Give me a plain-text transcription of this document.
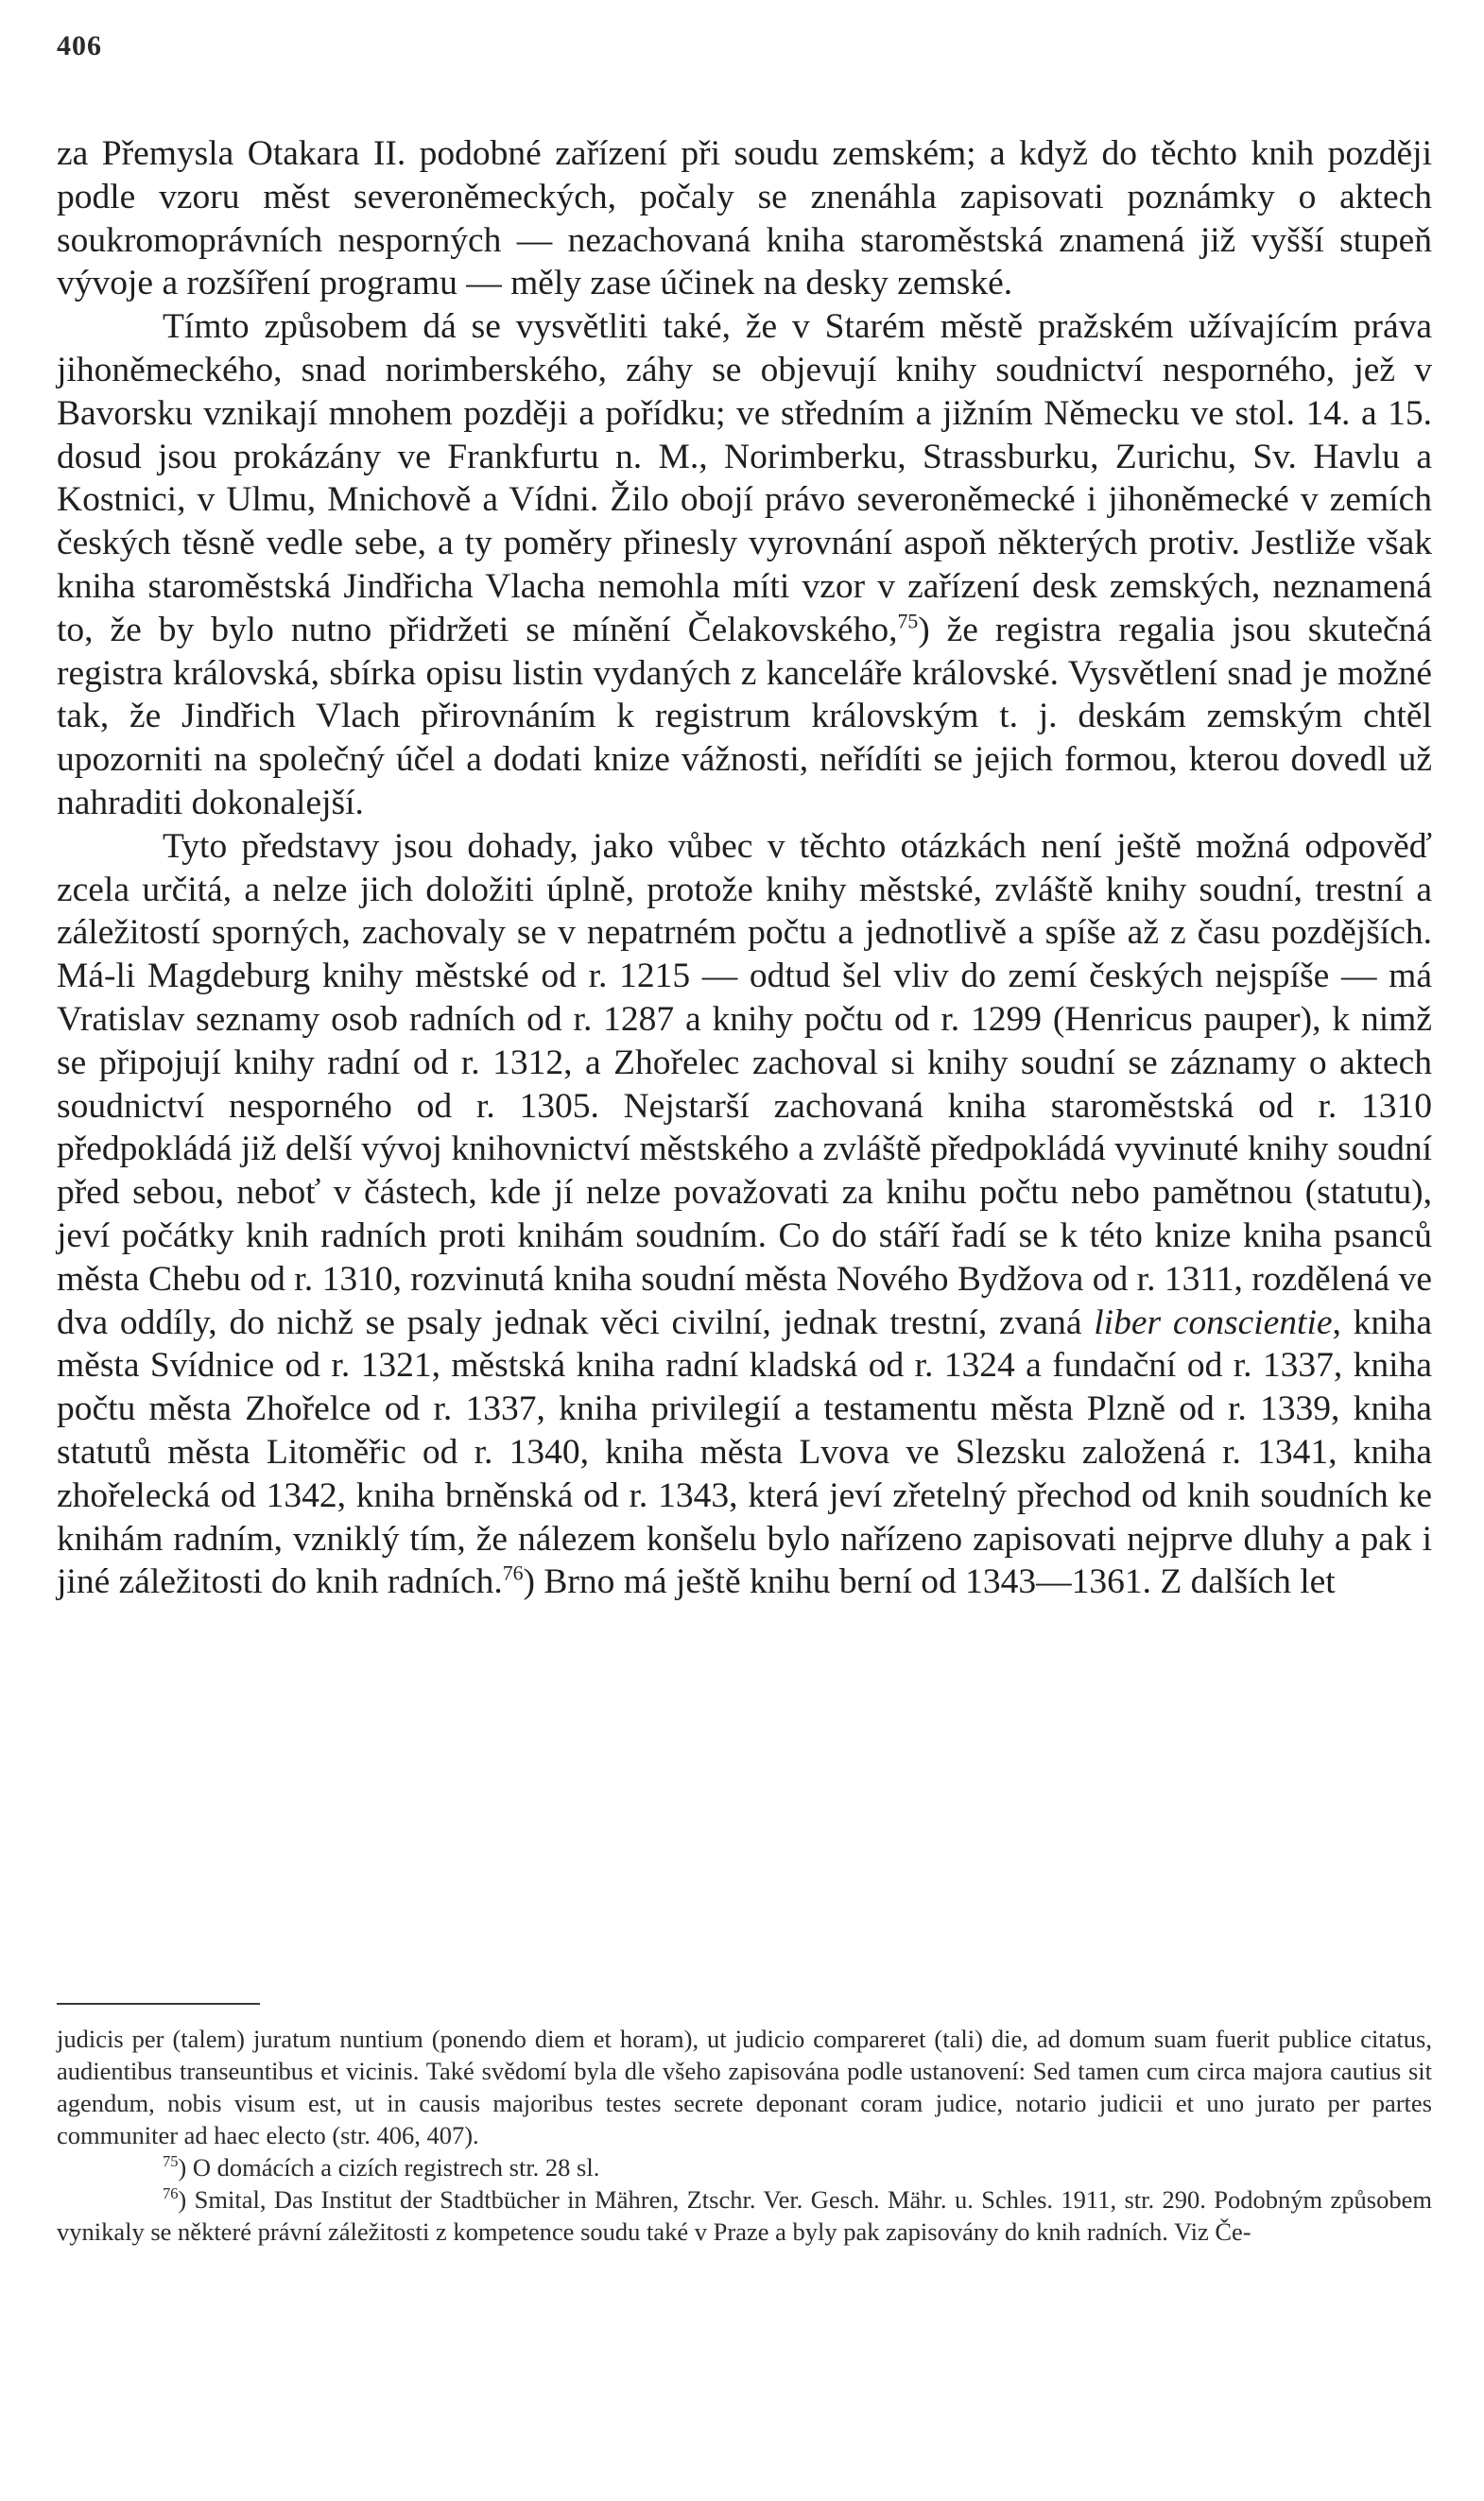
406

za Přemysla Otakara II. podobné zařízení při soudu zemském; a když do těchto knih později podle vzoru měst severoněmeckých, počaly se znenáhla zapisovati poznámky o aktech soukromoprávních nesporných — nezachovaná kniha staroměstská znamená již vyšší stupeň vývoje a rozšíření programu — měly zase účinek na desky zemské.

Tímto způsobem dá se vysvětliti také, že v Starém městě pražském užívajícím práva jihoněmeckého, snad norimberského, záhy se objevují knihy soudnictví nesporného, jež v Bavorsku vznikají mnohem později a pořídku; ve středním a jižním Německu ve stol. 14. a 15. dosud jsou prokázány ve Frankfurtu n. M., Norimberku, Strassburku, Zurichu, Sv. Havlu a Kostnici, v Ulmu, Mnichově a Vídni. Žilo obojí právo severoněmecké i jihoněmecké v zemích českých těsně vedle sebe, a ty poměry přinesly vyrovnání aspoň některých protiv. Jestliže však kniha staroměstská Jindřicha Vlacha nemohla míti vzor v zařízení desk zemských, neznamená to, že by bylo nutno přidržeti se mínění Čelakovského,$^{75}$) že registra regalia jsou skutečná registra královská, sbírka opisu listin vydaných z kanceláře královské. Vysvětlení snad je možné tak, že Jindřich Vlach přirovnáním k registrum královským t. j. deskám zemským chtěl upozorniti na společný účel a dodati knize vážnosti, neřídíti se jejich formou, kterou dovedl už nahraditi dokonalejší.

Tyto představy jsou dohady, jako vůbec v těchto otázkách není ještě možná odpověď zcela určitá, a nelze jich doložiti úplně, protože knihy městské, zvláště knihy soudní, trestní a záležitostí sporných, zachovaly se v nepatrném počtu a jednotlivě a spíše až z času pozdějších. Má-li Magdeburg knihy městské od r. 1215 — odtud šel vliv do zemí českých nejspíše — má Vratislav seznamy osob radních od r. 1287 a knihy počtu od r. 1299 (Henricus pauper), k nimž se připojují knihy radní od r. 1312, a Zhořelec zachoval si knihy soudní se záznamy o aktech soudnictví nesporného od r. 1305. Nejstarší zachovaná kniha staroměstská od r. 1310 předpokládá již delší vývoj knihovnictví městského a zvláště předpokládá vyvinuté knihy soudní před sebou, neboť v částech, kde jí nelze považovati za knihu počtu nebo pamětnou (statutu), jeví počátky knih radních proti knihám soudním. Co do stáří řadí se k této knize kniha psanců města Chebu od r. 1310, rozvinutá kniha soudní města Nového Bydžova od r. 1311, rozdělená ve dva oddíly, do nichž se psaly jednak věci civilní, jednak trestní, zvaná liber conscientie, kniha města Svídnice od r. 1321, městská kniha radní kladská od r. 1324 a fundační od r. 1337, kniha počtu města Zhořelce od r. 1337, kniha privilegií a testamentu města Plzně od r. 1339, kniha statutů města Litoměřic od r. 1340, kniha města Lvova ve Slezsku založená r. 1341, kniha zhořelecká od 1342, kniha brněnská od r. 1343, která jeví zřetelný přechod od knih soudních ke knihám radním, vzniklý tím, že nálezem konšelu bylo nařízeno zapisovati nejprve dluhy a pak i jiné záležitosti do knih radních.$^{76}$) Brno má ještě knihu berní od 1343—1361. Z dalších let

judicis per (talem) juratum nuntium (ponendo diem et horam), ut judicio compareret (tali) die, ad domum suam fuerit publice citatus, audientibus transeuntibus et vicinis. Také svědomí byla dle všeho zapisována podle ustanovení: Sed tamen cum circa majora cautius sit agendum, nobis visum est, ut in causis majoribus testes secrete deponant coram judice, notario judicii et uno jurato per partes communiter ad haec electo (str. 406, 407).

$^{75}$) O domácích a cizích registrech str. 28 sl.

$^{76}$) Smital, Das Institut der Stadtbücher in Mähren, Ztschr. Ver. Gesch. Mähr. u. Schles. 1911, str. 290. Podobným způsobem vynikaly se některé právní záležitosti z kompetence soudu také v Praze a byly pak zapisovány do knih radních. Viz Če-
